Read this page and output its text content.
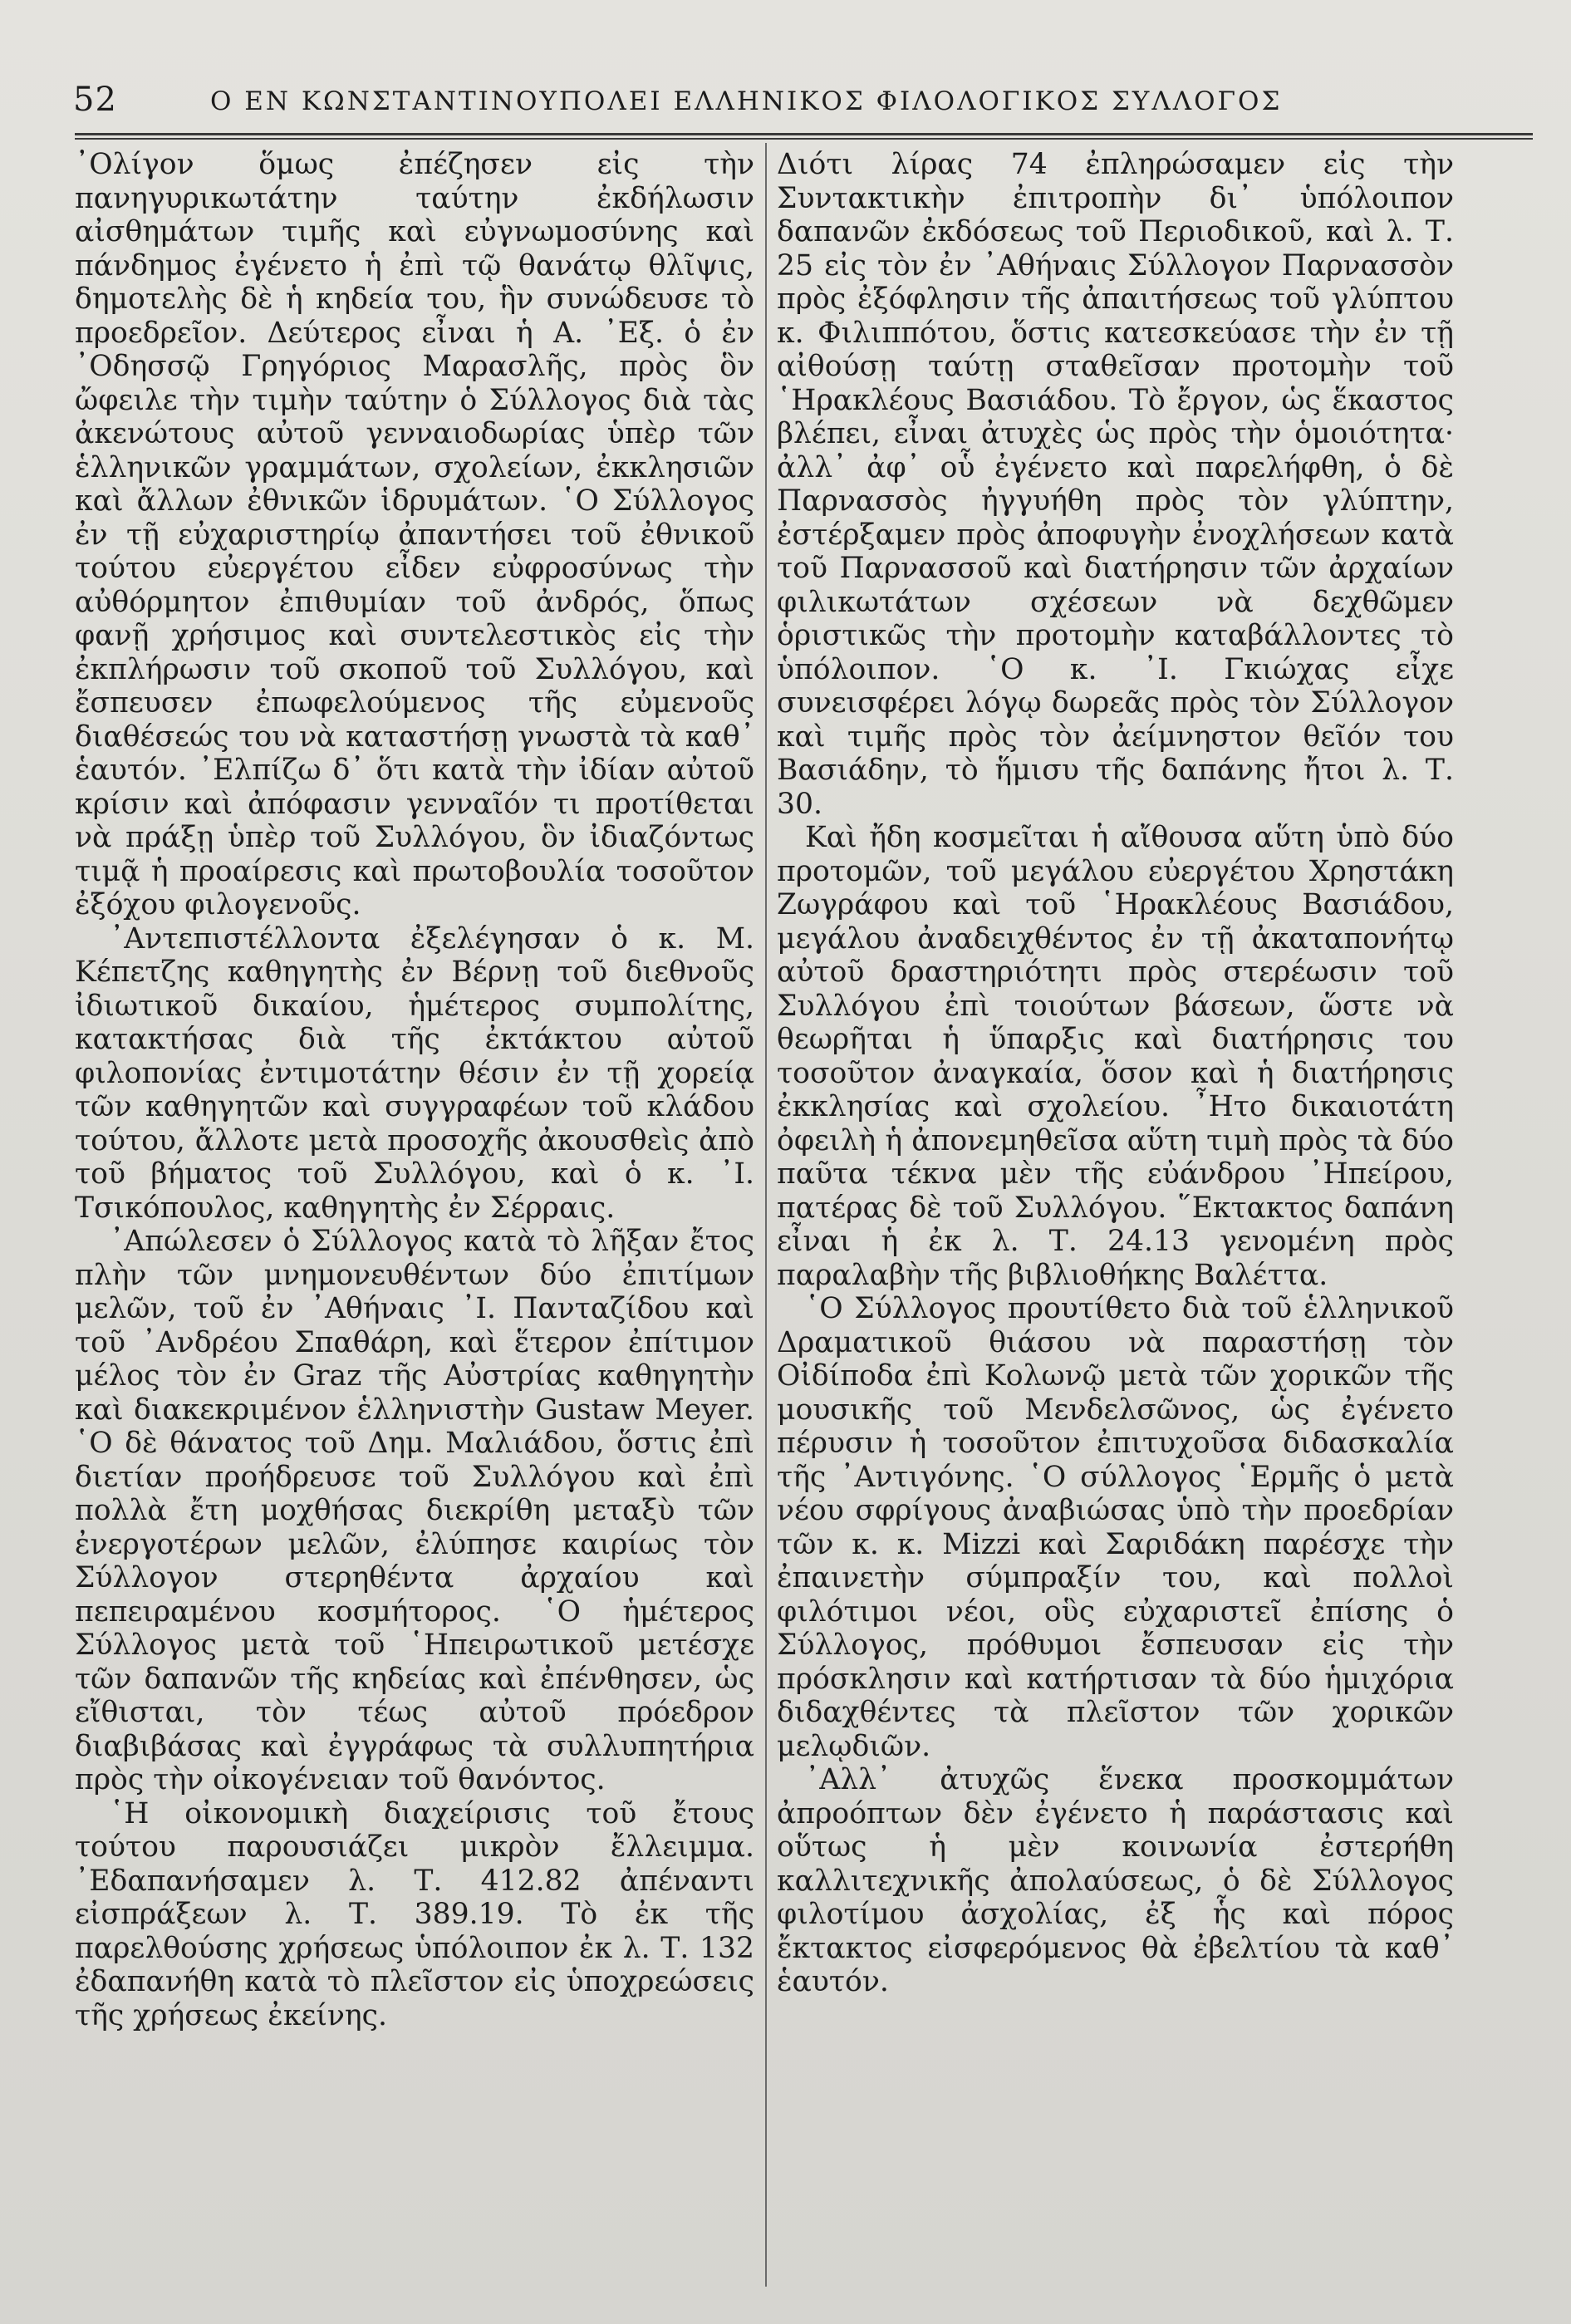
52	Ο ΕΝ ΚΩΝΣΤΑΝΤΙΝΟΥΠΟΛΕΙ ΕΛΛΗΝΙΚΟΣ ΦΙΛΟΛΟΓΙΚΟΣ ΣΥΛΛΟΓΟΣ

᾿Ολίγον ὅμως ἐπέζησεν εἰς τὴν πανηγυρικωτάτην ταύτην ἐκδήλωσιν αἰσθημάτων τιμῆς καὶ εὐγνωμοσύνης καὶ πάνδημος ἐγένετο ἡ ἐπὶ τῷ θανάτῳ θλῖψις, δημοτελὴς δὲ ἡ κηδεία του, ἣν συνώδευσε τὸ προεδρεῖον. Δεύτερος εἶναι ἡ Α. ᾿Εξ. ὁ ἐν ᾿Οδησσῷ Γρηγόριος Μαρασλῆς, πρὸς ὃν ὤφειλε τὴν τιμὴν ταύτην ὁ Σύλλογος διὰ τὰς ἀκενώτους αὐτοῦ γενναιοδωρίας ὑπὲρ τῶν ἑλληνικῶν γραμμάτων, σχολείων, ἐκκλησιῶν καὶ ἄλλων ἐθνικῶν ἱδρυμάτων. ῾Ο Σύλλογος ἐν τῇ εὐχαριστηρίῳ ἀπαντήσει τοῦ ἐθνικοῦ τούτου εὐεργέτου εἶδεν εὐφροσύνως τὴν αὐθόρμητον ἐπιθυμίαν τοῦ ἀνδρός, ὅπως φανῇ χρήσιμος καὶ συντελεστικὸς εἰς τὴν ἐκπλήρωσιν τοῦ σκοποῦ τοῦ Συλλόγου, καὶ ἔσπευσεν ἐπωφελούμενος τῆς εὐμενοῦς διαθέσεώς του νὰ καταστήσῃ γνωστὰ τὰ καθ᾿ ἑαυτόν. ᾿Ελπίζω δ᾿ ὅτι κατὰ τὴν ἰδίαν αὐτοῦ κρίσιν καὶ ἀπόφασιν γενναῖόν τι προτίθεται νὰ πράξῃ ὑπὲρ τοῦ Συλλόγου, ὃν ἰδιαζόντως τιμᾷ ἡ προαίρεσις καὶ πρωτοβουλία τοσοῦτον ἐξόχου φιλογενοῦς.

᾿Αντεπιστέλλοντα ἐξελέγησαν ὁ κ. Μ. Κέπετζης καθηγητὴς ἐν Βέρνῃ τοῦ διεθνοῦς ἰδιωτικοῦ δικαίου, ἡμέτερος συμπολίτης, κατακτήσας διὰ τῆς ἐκτάκτου αὐτοῦ φιλοπονίας ἐντιμοτάτην θέσιν ἐν τῇ χορείᾳ τῶν καθηγητῶν καὶ συγγραφέων τοῦ κλάδου τούτου, ἄλλοτε μετὰ προσοχῆς ἀκουσθεὶς ἀπὸ τοῦ βήματος τοῦ Συλλόγου, καὶ ὁ κ. ᾿Ι. Τσικόπουλος, καθηγητὴς ἐν Σέρραις.

᾿Απώλεσεν ὁ Σύλλογος κατὰ τὸ λῆξαν ἔτος πλὴν τῶν μνημονευθέντων δύο ἐπιτίμων μελῶν, τοῦ ἐν ᾿Αθήναις ᾿Ι. Πανταζίδου καὶ τοῦ ᾿Ανδρέου Σπαθάρη, καὶ ἕτερον ἐπίτιμον μέλος τὸν ἐν Graz τῆς Αὐστρίας καθηγητὴν καὶ διακεκριμένον ἑλληνιστὴν Gustaw Meyer. ῾Ο δὲ θάνατος τοῦ Δημ. Μαλιάδου, ὅστις ἐπὶ διετίαν προήδρευσε τοῦ Συλλόγου καὶ ἐπὶ πολλὰ ἔτη μοχθήσας διεκρίθη μεταξὺ τῶν ἐνεργοτέρων μελῶν, ἐλύπησε καιρίως τὸν Σύλλογον στερηθέντα ἀρχαίου καὶ πεπειραμένου κοσμήτορος. ῾Ο ἡμέτερος Σύλλογος μετὰ τοῦ ῾Ηπειρωτικοῦ μετέσχε τῶν δαπανῶν τῆς κηδείας καὶ ἐπένθησεν, ὡς εἴθισται, τὸν τέως αὐτοῦ πρόεδρον διαβιβάσας καὶ ἐγγράφως τὰ συλλυπητήρια πρὸς τὴν οἰκογένειαν τοῦ θανόντος.

῾Η οἰκονομικὴ διαχείρισις τοῦ ἔτους τούτου παρουσιάζει μικρὸν ἔλλειμμα. ᾿Εδαπανήσαμεν λ. Τ. 412.82 ἀπέναντι εἰσπράξεων λ. Τ. 389.19. Τὸ ἐκ τῆς παρελθούσης χρήσεως ὑπόλοιπον ἐκ λ. Τ. 132 ἐδαπανήθη κατὰ τὸ πλεῖστον εἰς ὑποχρεώσεις τῆς χρήσεως ἐκείνης.

Διότι λίρας 74 ἐπληρώσαμεν εἰς τὴν Συντακτικὴν ἐπιτροπὴν δι᾿ ὑπόλοιπον δαπανῶν ἐκδόσεως τοῦ Περιοδικοῦ, καὶ λ. Τ. 25 εἰς τὸν ἐν ᾿Αθήναις Σύλλογον Παρνασσὸν πρὸς ἐξόφλησιν τῆς ἀπαιτήσεως τοῦ γλύπτου κ. Φιλιππότου, ὅστις κατεσκεύασε τὴν ἐν τῇ αἰθούσῃ ταύτῃ σταθεῖσαν προτομὴν τοῦ ῾Ηρακλέους Βασιάδου. Τὸ ἔργον, ὡς ἕκαστος βλέπει, εἶναι ἀτυχὲς ὡς πρὸς τὴν ὁμοιότητα· ἀλλ᾿ ἀφ᾿ οὗ ἐγένετο καὶ παρελήφθη, ὁ δὲ Παρνασσὸς ἠγγυήθη πρὸς τὸν γλύπτην, ἐστέρξαμεν πρὸς ἀποφυγὴν ἐνοχλήσεων κατὰ τοῦ Παρνασσοῦ καὶ διατήρησιν τῶν ἀρχαίων φιλικωτάτων σχέσεων νὰ δεχθῶμεν ὁριστικῶς τὴν προτομὴν καταβάλλοντες τὸ ὑπόλοιπον. ῾Ο κ. ᾿Ι. Γκιώχας εἶχε συνεισφέρει λόγῳ δωρεᾶς πρὸς τὸν Σύλλογον καὶ τιμῆς πρὸς τὸν ἀείμνηστον θεῖόν του Βασιάδην, τὸ ἥμισυ τῆς δαπάνης ἤτοι λ. Τ. 30.

Καὶ ἤδη κοσμεῖται ἡ αἴθουσα αὕτη ὑπὸ δύο προτομῶν, τοῦ μεγάλου εὐεργέτου Χρηστάκη Ζωγράφου καὶ τοῦ ῾Ηρακλέους Βασιάδου, μεγάλου ἀναδειχθέντος ἐν τῇ ἀκαταπονήτῳ αὐτοῦ δραστηριότητι πρὸς στερέωσιν τοῦ Συλλόγου ἐπὶ τοιούτων βάσεων, ὥστε νὰ θεωρῆται ἡ ὕπαρξις καὶ διατήρησις του τοσοῦτον ἀναγκαία, ὅσον καὶ ἡ διατήρησις ἐκκλησίας καὶ σχολείου. ῏Ητο δικαιοτάτη ὀφειλὴ ἡ ἀπονεμηθεῖσα αὕτη τιμὴ πρὸς τὰ δύο παῦτα τέκνα μὲν τῆς εὐάνδρου ᾿Ηπείρου, πατέρας δὲ τοῦ Συλλόγου. ῞Εκτακτος δαπάνη εἶναι ἡ ἐκ λ. Τ. 24.13 γενομένη πρὸς παραλαβὴν τῆς βιβλιοθήκης Βαλέττα.

῾Ο Σύλλογος προυτίθετο διὰ τοῦ ἑλληνικοῦ Δραματικοῦ θιάσου νὰ παραστήσῃ τὸν Οἰδίποδα ἐπὶ Κολωνῷ μετὰ τῶν χορικῶν τῆς μουσικῆς τοῦ Μενδελσῶνος, ὡς ἐγένετο πέρυσιν ἡ τοσοῦτον ἐπιτυχοῦσα διδασκαλία τῆς ᾿Αντιγόνης. ῾Ο σύλλογος ῾Ερμῆς ὁ μετὰ νέου σφρίγους ἀναβιώσας ὑπὸ τὴν προεδρίαν τῶν κ. κ. Mizzi καὶ Σαριδάκη παρέσχε τὴν ἐπαινετὴν σύμπραξίν του, καὶ πολλοὶ φιλότιμοι νέοι, οὓς εὐχαριστεῖ ἐπίσης ὁ Σύλλογος, πρόθυμοι ἔσπευσαν εἰς τὴν πρόσκλησιν καὶ κατήρτισαν τὰ δύο ἡμιχόρια διδαχθέντες τὰ πλεῖστον τῶν χορικῶν μελῳδιῶν.

᾿Αλλ᾿ ἀτυχῶς ἕνεκα προσκομμάτων ἀπροόπτων δὲν ἐγένετο ἡ παράστασις καὶ οὕτως ἡ μὲν κοινωνία ἐστερήθη καλλιτεχνικῆς ἀπολαύσεως, ὁ δὲ Σύλλογος φιλοτίμου ἀσχολίας, ἐξ ἧς καὶ πόρος ἔκτακτος εἰσφερόμενος θὰ ἐβελτίου τὰ καθ᾿ ἑαυτόν.
